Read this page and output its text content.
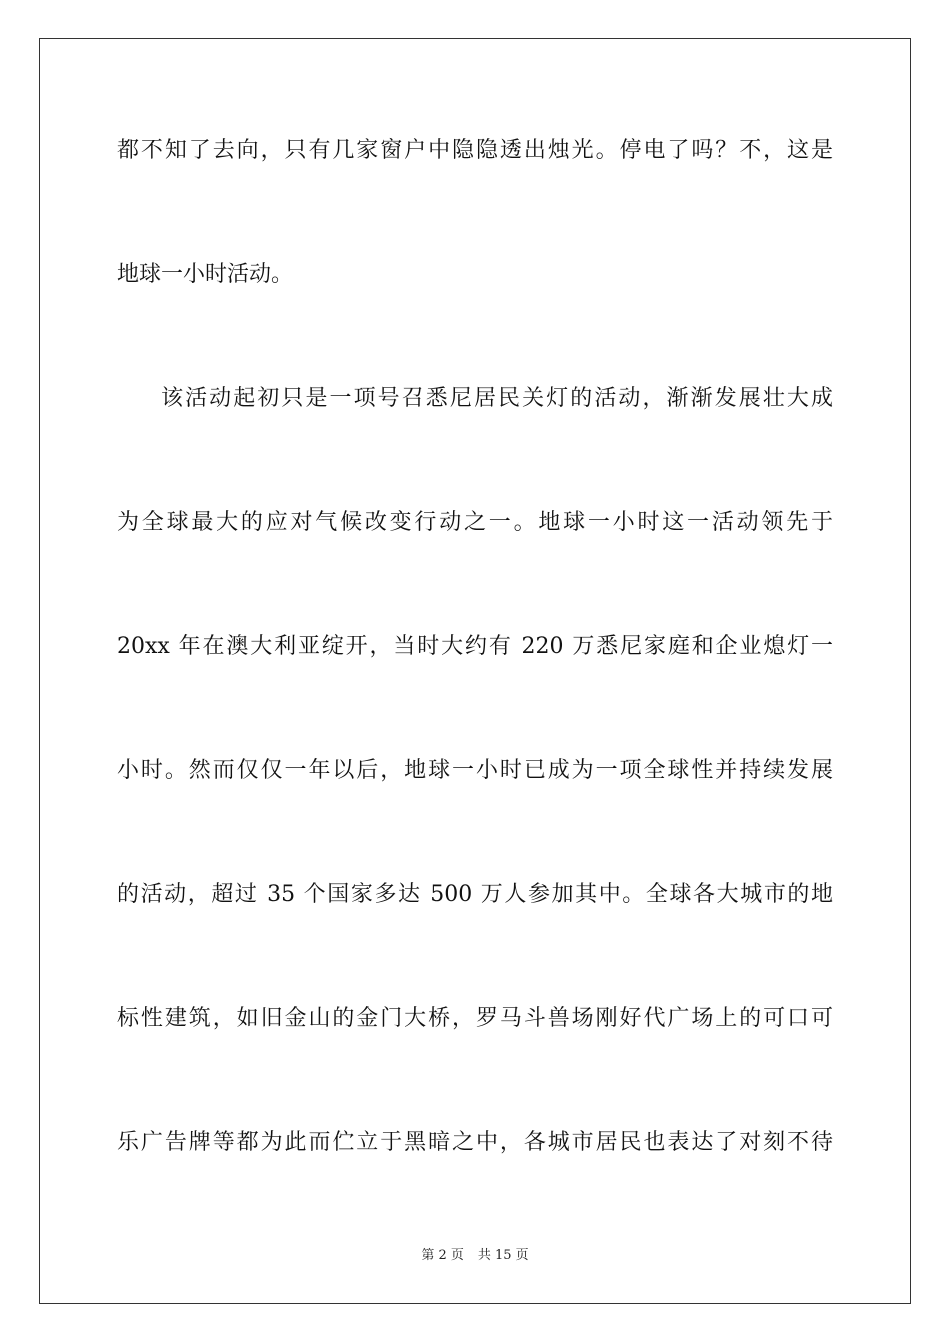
都不知了去向，只有几家窗户中隐隐透出烛光。停电了吗？不，这是
地球一小时活动。
该活动起初只是一项号召悉尼居民关灯的活动，渐渐发展壮大成
为全球最大的应对气候改变行动之一。地球一小时这一活动领先于
20xx 年在澳大利亚绽开，当时大约有 220 万悉尼家庭和企业熄灯一
小时。然而仅仅一年以后，地球一小时已成为一项全球性并持续发展
的活动，超过 35 个国家多达 500 万人参加其中。全球各大城市的地
标性建筑，如旧金山的金门大桥，罗马斗兽场刚好代广场上的可口可
乐广告牌等都为此而伫立于黑暗之中，各城市居民也表达了对刻不待
第 2 页 共 15 页
